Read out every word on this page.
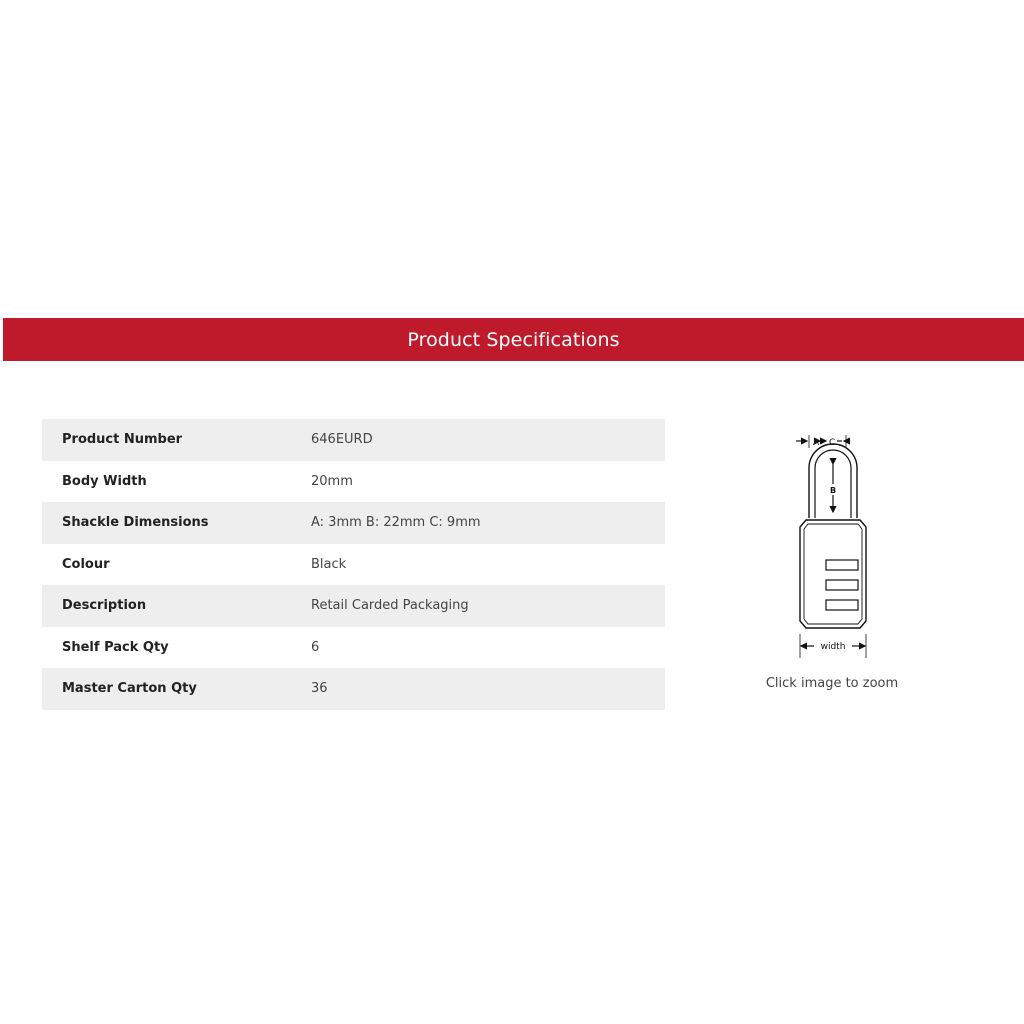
Product Specifications
Product Number	646EURD
Body Width	20mm
Shackle Dimensions	A: 3mm B: 22mm C: 9mm
Colour	Black
Description	Retail Carded Packaging
Shelf Pack Qty	6
Master Carton Qty	36
A C
B
width
Click image to zoom
